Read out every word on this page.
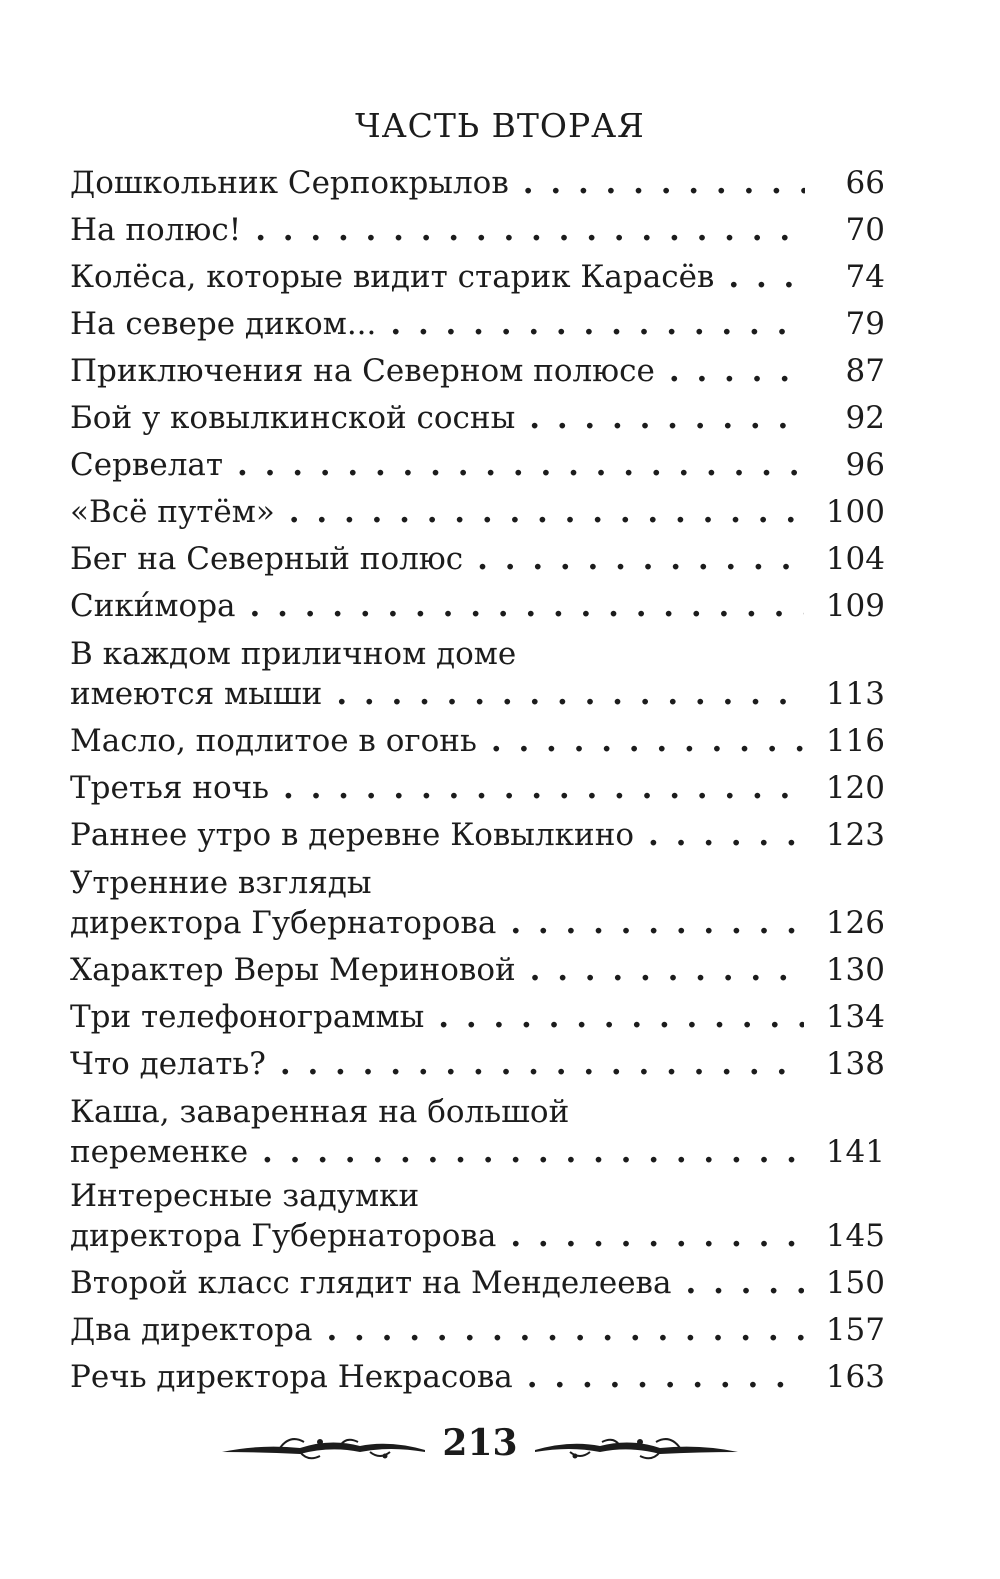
ЧАСТЬ ВТОРАЯ
Дошкольник Серпокрылов . . .	66
На полюс! . . .	70
Колёса, которые видит старик Карасёв . . .	74
На севере диком... . . .	79
Приключения на Северном полюсе . . .	87
Бой у ковылкинской сосны . . .	92
Сервелат . . .	96
«Всё путём» . . .	100
Бег на Северный полюс . . .	104
Сики́мора . . .	109
В каждом приличном доме
имеются мыши . . .	113
Масло, подлитое в огонь . . .	116
Третья ночь . . .	120
Раннее утро в деревне Ковылкино . . .	123
Утренние взгляды
директора Губернаторова . . .	126
Характер Веры Мериновой . . .	130
Три телефонограммы . . .	134
Что делать? . . .	138
Каша, заваренная на большой
переменке . . .	141
Интересные задумки
директора Губернаторова . . .	145
Второй класс глядит на Менделеева . . .	150
Два директора . . .	157
Речь директора Некрасова . . .	163
213
